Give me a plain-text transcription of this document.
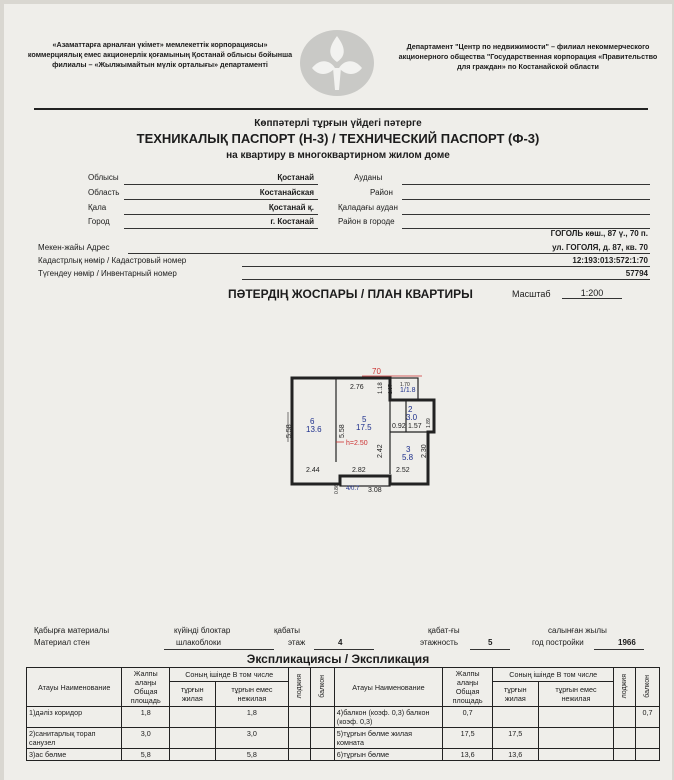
«Азаматтарға арналған үкімет» мемлекеттік корпорациясы» коммерциялық емес акционерлік қоғамының Қостанай облысы бойынша филиалы – «Жылжымайтын мүлік орталығы» департаменті
Департамент "Центр по недвижимости" – филиал некоммерческого акционерного общества "Государственная корпорация «Правительство для граждан» по Костанайской области
Көппәтерлі тұрғын үйдегі пәтерге
ТЕХНИКАЛЫҚ ПАСПОРТ (Н-3) / ТЕХНИЧЕСКИЙ ПАСПОРТ (Ф-3)
на квартиру в многоквартирном жилом доме
Облысы	Қостанай	Ауданы
Область	Костанайская	Район
Қала	Қостанай қ.	Қаладағы аудан
Город	г. Костанай	Район в городе
ГОГОЛЬ көш., 87 ү., 70 п.
Мекен-жайы Адрес	ул. ГОГОЛЯ, д. 87, кв. 70
Кадастрлық нөмір / Кадастровый номер	12:193:013:572:1:70
Түгендеу нөмір / Инвентарный номер	57794
ПӘТЕРДІҢ ЖОСПАРЫ / ПЛАН КВАРТИРЫ	Масштаб	1:200
70
6
13.6
5
17.5
1/1.8
2
3.0
3
5.8
h=2.50
2.76
5.58	5.58
1.18 1.07 1.70
1.89
0.92 1.57
2.42	2.30
2.44	2.82	2.52
4/0.7 3.08
0.86
Қабырға материалы
Материал стен
күйінді блоктар
шлакоблоки
қабаты
этаж	4
қабат-ғы
этажность	5
салынған жылы
год постройки	1966
Экспликациясы / Экспликация
Атауы Наименование	Жалпы алаңы Общая площадь	Соның ішінде В том числе		лоджия	балкон	Атауы Наименование	Жалпы алаңы Общая площадь	Соның ішінде В том числе		лоджия	балкон
		тұрғын жилая	тұрғын емес нежилая					тұрғын жилая	тұрғын емес нежилая		
1)дәліз коридор	1,8		1,8			4)балкон (коэф. 0,3) балкон (коэф. 0,3)	0,7				0,7
2)санитарлық торап санузел	3,0		3,0			5)тұрғын бөлме жилая комната	17,5	17,5			
3)ас бөлме	5,8		5,8			6)тұрғын бөлме	13,6	13,6			
